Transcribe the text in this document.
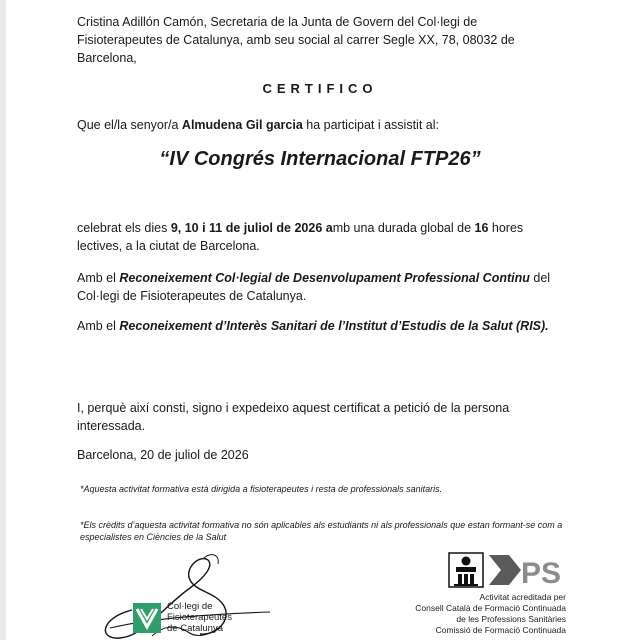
Cristina Adillón Camón, Secretaria de la Junta de Govern del Col·legi de Fisioterapeutes de Catalunya, amb seu social al carrer Segle XX, 78, 08032 de Barcelona,
CERTIFICO
Que el/la senyor/a Almudena Gil garcia ha participat i assistit al:
“IV Congrés Internacional FTP26”
celebrat els dies 9, 10 i 11 de juliol de 2026 amb una durada global de 16 hores lectives, a la ciutat de Barcelona.
Amb el Reconeixement Col·legial de Desenvolupament Professional Continu del Col·legi de Fisioterapeutes de Catalunya.
Amb el Reconeixement d’Interès Sanitari de l’Institut d’Estudis de la Salut (RIS).
I, perquè així consti, signo i expedeixo aquest certificat a petició de la persona interessada.
Barcelona, 20 de juliol de 2026
*Aquesta activitat formativa està dirigida a fisioterapeutes i resta de professionals sanitaris.
*Els crèdits d’aquesta activitat formativa no són aplicables als estudiants ni als professionals que estan formant-se com a especialistes en Ciències de la Salut
Col·legi de
Fisioterapeutes
de Catalunya
PS
Activitat acreditada per
Consell Català de Formació Continuada
de les Professions Sanitàries
Comissió de Formació Continuada
